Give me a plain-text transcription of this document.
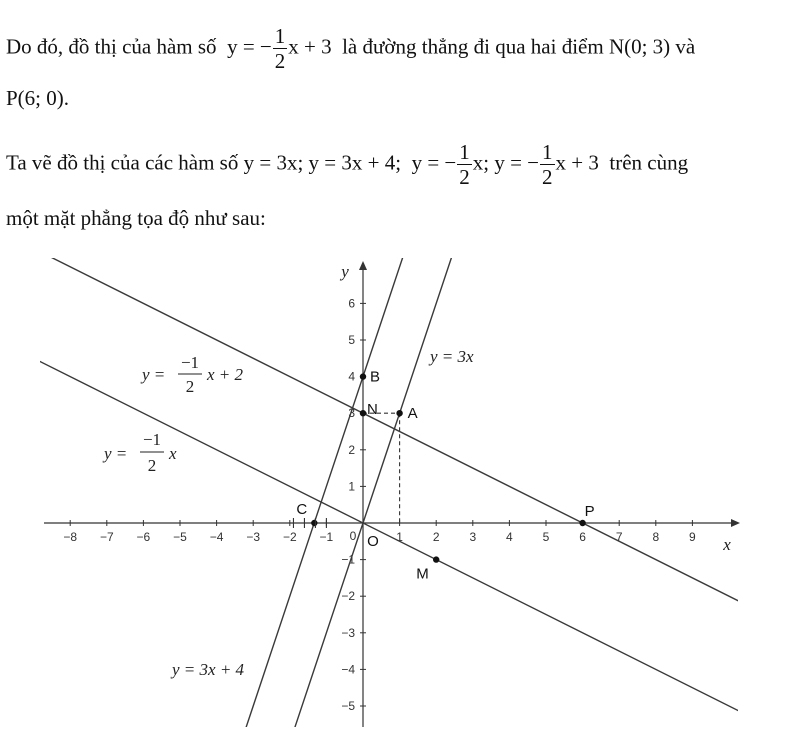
Do đó, đồ thị của hàm số y = − $\frac{1}{2}$ x + 3 là đường thẳng đi qua hai điểm N(0; 3) và
P(6; 0).
Ta vẽ đồ thị của các hàm số y = 3x; y = 3x + 4; y = − $\frac{1}{2} x$; y = − $\frac{1}{2}$ x + 3 trên cùng
một mặt phẳng tọa độ như sau:
−8 −7 −6 −5 −4 −3 −2 −1	1 2 3 4 5 6 7 8 9
−5
−4
−3
−2
−1
1
2
3
4
5
6
0 O	x
y
B
N A
C	P
M
y = 3x
y = 3x + 4
y =
−1
2
x + 2
y =
−1
2
x
